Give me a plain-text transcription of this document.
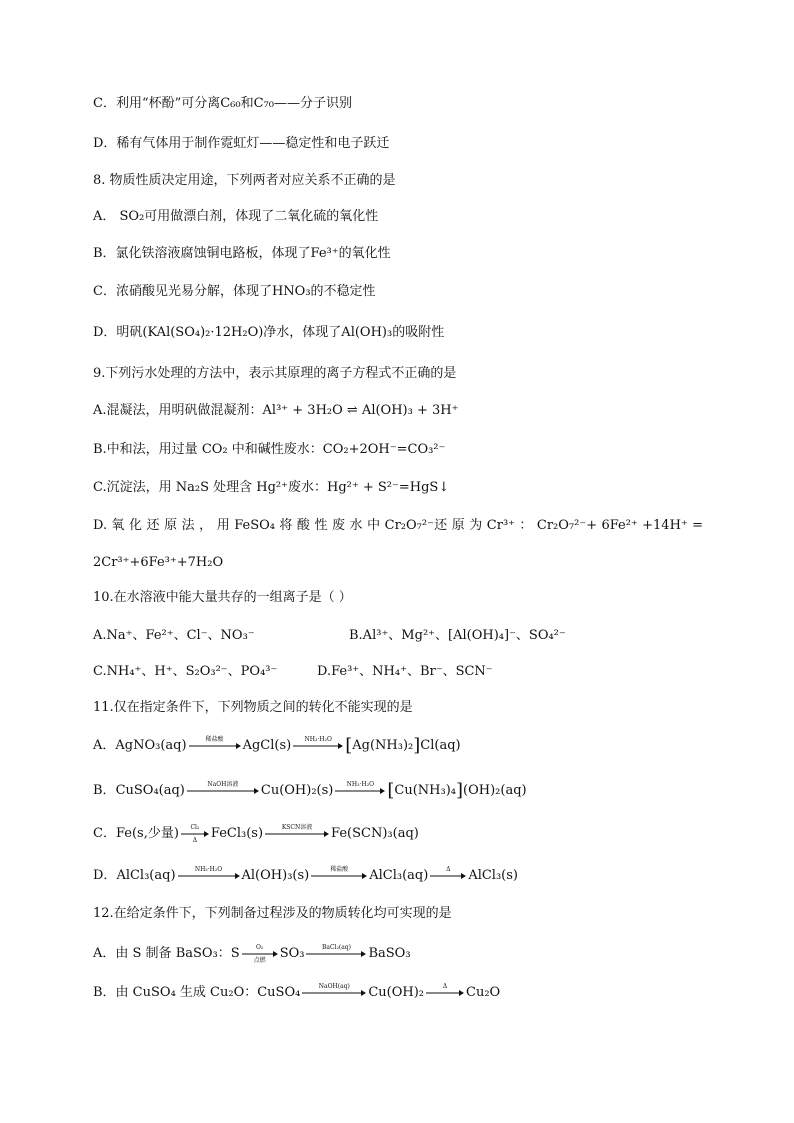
C．利用“杯酚”可分离C₆₀和C₇₀——分子识别
D．稀有气体用于制作霓虹灯——稳定性和电子跃迁
8. 物质性质决定用途，下列两者对应关系不正确的是
A． SO₂可用做漂白剂，体现了二氧化硫的氧化性
B．氯化铁溶液腐蚀铜电路板，体现了Fe³⁺的氧化性
C．浓硝酸见光易分解，体现了HNO₃的不稳定性
D．明矾(KAl(SO₄)₂·12H₂O)净水，体现了Al(OH)₃的吸附性
9.下列污水处理的方法中，表示其原理的离子方程式不正确的是
A.混凝法，用明矾做混凝剂：Al³⁺ + 3H₂O ⇌ Al(OH)₃ + 3H⁺
B.中和法，用过量 CO₂ 中和碱性废水：CO₂+2OH⁻=CO₃²⁻
C.沉淀法，用 Na₂S 处理含 Hg²⁺废水：Hg²⁺ + S²⁻=HgS↓
D. 氧 化 还 原 法 ， 用 FeSO₄ 将 酸 性 废 水 中 Cr₂O₇²⁻还 原 为 Cr³⁺ ： Cr₂O₇²⁻+ 6Fe²⁺ +14H⁺ =
2Cr³⁺+6Fe³⁺+7H₂O
10.在水溶液中能大量共存的一组离子是（ ）
A.Na⁺、Fe²⁺、Cl⁻、NO₃⁻	B.Al³⁺、Mg²⁺、[Al(OH)₄]⁻、SO₄²⁻
C.NH₄⁺、H⁺、S₂O₃²⁻、PO₄³⁻	D.Fe³⁺、NH₄⁺、Br⁻、SCN⁻
11.仅在指定条件下，下列物质之间的转化不能实现的是
A． AgNO₃(aq)	稀盐酸 AgCl(s) NH₃·H₂O [ Ag(NH₃)₂ ] Cl(aq)
B． CuSO₄(aq)	NaOH溶液 Cu(OH)₂(s) NH₃·H₂O [ Cu(NH₃)₄ ] (OH)₂(aq)
C． Fe(s,少量) Cl₂
Δ FeCl₃(s)	KSCN溶液 Fe(SCN)₃(aq)
D． AlCl₃(aq)	NH₃·H₂O Al(OH)₃(s)	稀盐酸 AlCl₃(aq)	Δ AlCl₃(s)
12.在给定条件下，下列制备过程涉及的物质转化均可实现的是
A．由 S 制备 BaSO₃：S	O₂
点燃 SO₃	BaCl₂(aq) BaSO₃
B．由 CuSO₄ 生成 Cu₂O：CuSO₄	NaOH(aq) Cu(OH)₂	Δ Cu₂O
